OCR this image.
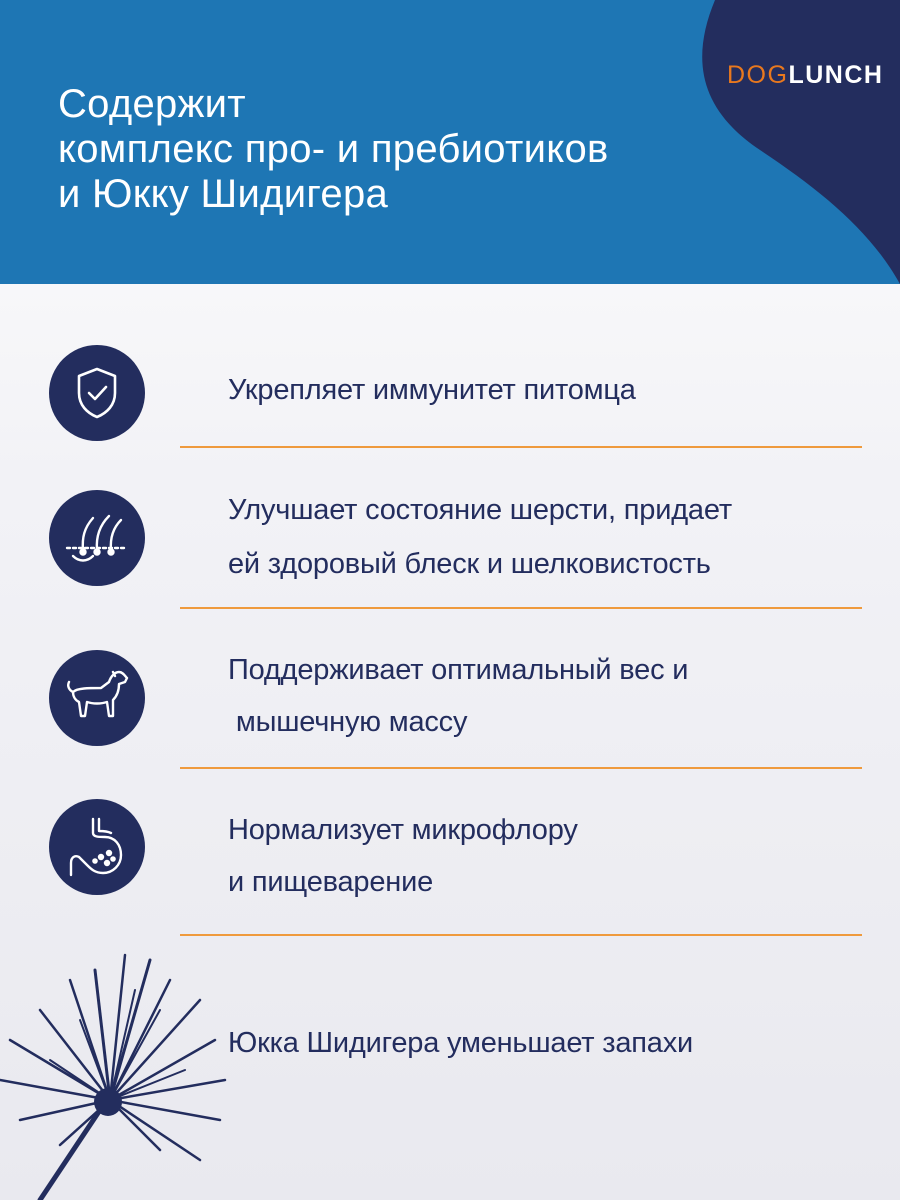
Содержит
комплекс про- и пребиотиков
и Юкку Шидигера
DOGLUNCH
Укрепляет иммунитет питомца
Улучшает состояние шерсти, придает
ей здоровый блеск и шелковистость
Поддерживает оптимальный вес и
мышечную массу
Нормализует микрофлору
и пищеварение
Юкка Шидигера уменьшает запахи
